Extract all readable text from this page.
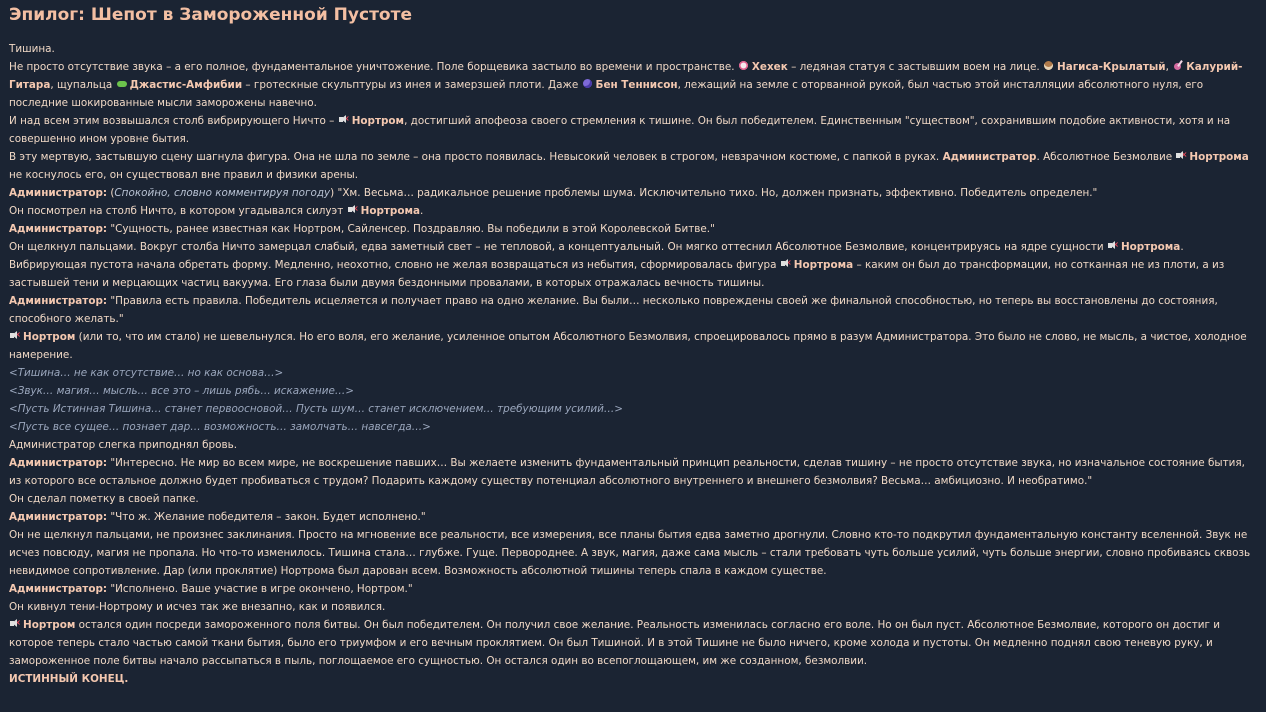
Эпилог: Шепот в Замороженной Пустоте

Тишина.

Не просто отсутствие звука – а его полное, фундаментальное уничтожение. Поле борщевика застыло во времени и пространстве. Хехек – ледяная статуя с застывшим воем на лице. Нагиса-Крылатый, Калурий-Гитара, щупальца Джастис-Амфибии – гротескные скульптуры из инея и замерзшей плоти. Даже Бен Теннисон, лежащий на земле с оторванной рукой, был частью этой инсталляции абсолютного нуля, его последние шокированные мысли заморожены навечно.

И над всем этим возвышался столб вибрирующего Ничто – × Нортром, достигший апофеоза своего стремления к тишине. Он был победителем. Единственным "существом", сохранившим подобие активности, хотя и на совершенно ином уровне бытия.

В эту мертвую, застывшую сцену шагнула фигура. Она не шла по земле – она просто появилась. Невысокий человек в строгом, невзрачном костюме, с папкой в руках. Администратор. Абсолютное Безмолвие × Нортрома не коснулось его, он существовал вне правил и физики арены.

Администратор: (Спокойно, словно комментируя погоду) "Хм. Весьма… радикальное решение проблемы шума. Исключительно тихо. Но, должен признать, эффективно. Победитель определен."

Он посмотрел на столб Ничто, в котором угадывался силуэт × Нортрома.

Администратор: "Сущность, ранее известная как Нортром, Сайленсер. Поздравляю. Вы победили в этой Королевской Битве."

Он щелкнул пальцами. Вокруг столба Ничто замерцал слабый, едва заметный свет – не тепловой, а концептуальный. Он мягко оттеснил Абсолютное Безмолвие, концентрируясь на ядре сущности × Нортрома. Вибрирующая пустота начала обретать форму. Медленно, неохотно, словно не желая возвращаться из небытия, сформировалась фигура × Нортрома – каким он был до трансформации, но сотканная не из плоти, а из застывшей тени и мерцающих частиц вакуума. Его глаза были двумя бездонными провалами, в которых отражалась вечность тишины.

Администратор: "Правила есть правила. Победитель исцеляется и получает право на одно желание. Вы были… несколько повреждены своей же финальной способностью, но теперь вы восстановлены до состояния, способного желать."

× Нортром (или то, что им стало) не шевельнулся. Но его воля, его желание, усиленное опытом Абсолютного Безмолвия, спроецировалось прямо в разум Администратора. Это было не слово, не мысль, а чистое, холодное намерение.

<Тишина… не как отсутствие… но как основа…>

<Звук… магия… мысль… все это – лишь рябь… искажение…>

<Пусть Истинная Тишина… станет первоосновой… Пусть шум… станет исключением… требующим усилий…>

<Пусть все сущее… познает дар… возможность… замолчать… навсегда…>

Администратор слегка приподнял бровь.

Администратор: "Интересно. Не мир во всем мире, не воскрешение павших… Вы желаете изменить фундаментальный принцип реальности, сделав тишину – не просто отсутствие звука, но изначальное состояние бытия, из которого все остальное должно будет пробиваться с трудом? Подарить каждому существу потенциал абсолютного внутреннего и внешнего безмолвия? Весьма… амбициозно. И необратимо."

Он сделал пометку в своей папке.

Администратор: "Что ж. Желание победителя – закон. Будет исполнено."

Он не щелкнул пальцами, не произнес заклинания. Просто на мгновение все реальности, все измерения, все планы бытия едва заметно дрогнули. Словно кто-то подкрутил фундаментальную константу вселенной. Звук не исчез повсюду, магия не пропала. Но что-то изменилось. Тишина стала… глубже. Гуще. Первороднее. А звук, магия, даже сама мысль – стали требовать чуть больше усилий, чуть больше энергии, словно пробиваясь сквозь невидимое сопротивление. Дар (или проклятие) Нортрома был дарован всем. Возможность абсолютной тишины теперь спала в каждом существе.

Администратор: "Исполнено. Ваше участие в игре окончено, Нортром."

Он кивнул тени-Нортрому и исчез так же внезапно, как и появился.

× Нортром остался один посреди замороженного поля битвы. Он был победителем. Он получил свое желание. Реальность изменилась согласно его воле. Но он был пуст. Абсолютное Безмолвие, которого он достиг и которое теперь стало частью самой ткани бытия, было его триумфом и его вечным проклятием. Он был Тишиной. И в этой Тишине не было ничего, кроме холода и пустоты. Он медленно поднял свою теневую руку, и замороженное поле битвы начало рассыпаться в пыль, поглощаемое его сущностью. Он остался один во всепоглощающем, им же созданном, безмолвии.

ИСТИННЫЙ КОНЕЦ.
